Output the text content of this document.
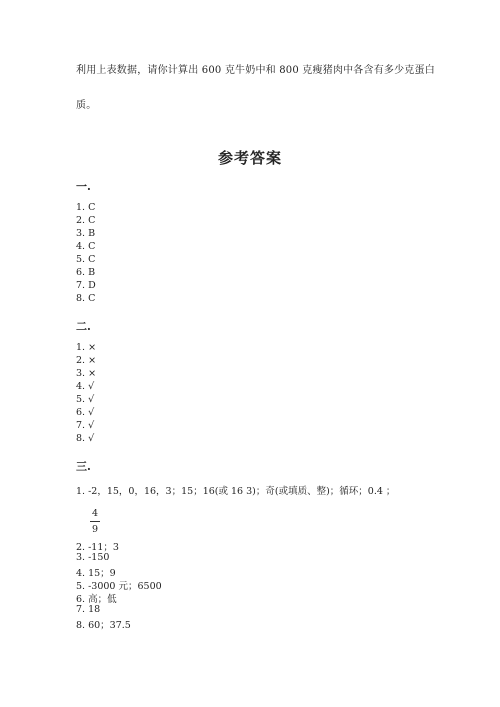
利用上表数据，请你计算出 600 克牛奶中和 800 克瘦猪肉中各含有多少克蛋白
质。
参考答案
一.
1. C
2. C
3. B
4. C
5. C
6. B
7. D
8. C
二.
1. ×
2. ×
3. ×
4. √
5. √
6. √
7. √
8. √
三.
1. -2，15，0，16，3；15；16(或 16 3)；奇(或填质、整)；循环；0.4 ；
4
9
2. -11；3
3. -150
4. 15；9
5. -3000 元；6500
6. 高；低
7. 18
8. 60；37.5
